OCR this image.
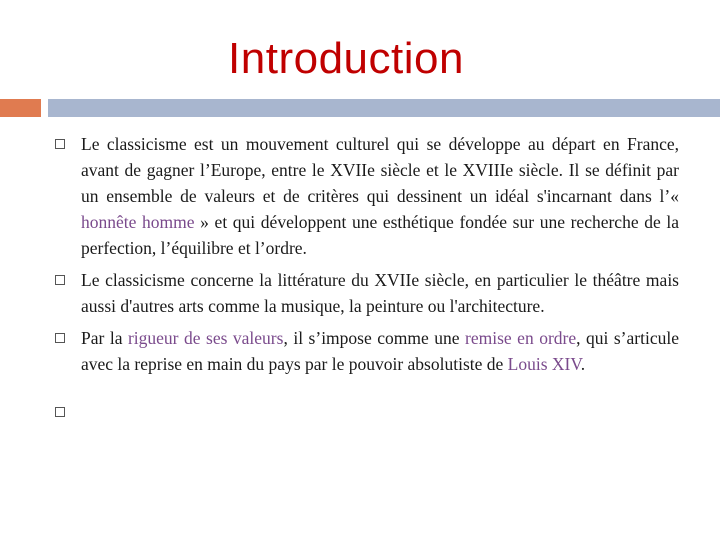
Introduction
Le classicisme est un mouvement culturel qui se développe au départ en France, avant de gagner l’Europe, entre le XVIIe siècle et le XVIIIe siècle. Il se définit par un ensemble de valeurs et de critères qui dessinent un idéal s'incarnant dans l’« honnête homme » et qui développent une esthétique fondée sur une recherche de la perfection, l’équilibre et l’ordre.
Le classicisme concerne la littérature du XVIIe siècle, en particulier le théâtre mais aussi d'autres arts comme la musique, la peinture ou l'architecture.
Par la rigueur de ses valeurs, il s’impose comme une remise en ordre, qui s’articule avec la reprise en main du pays par le pouvoir absolutiste de Louis XIV.
